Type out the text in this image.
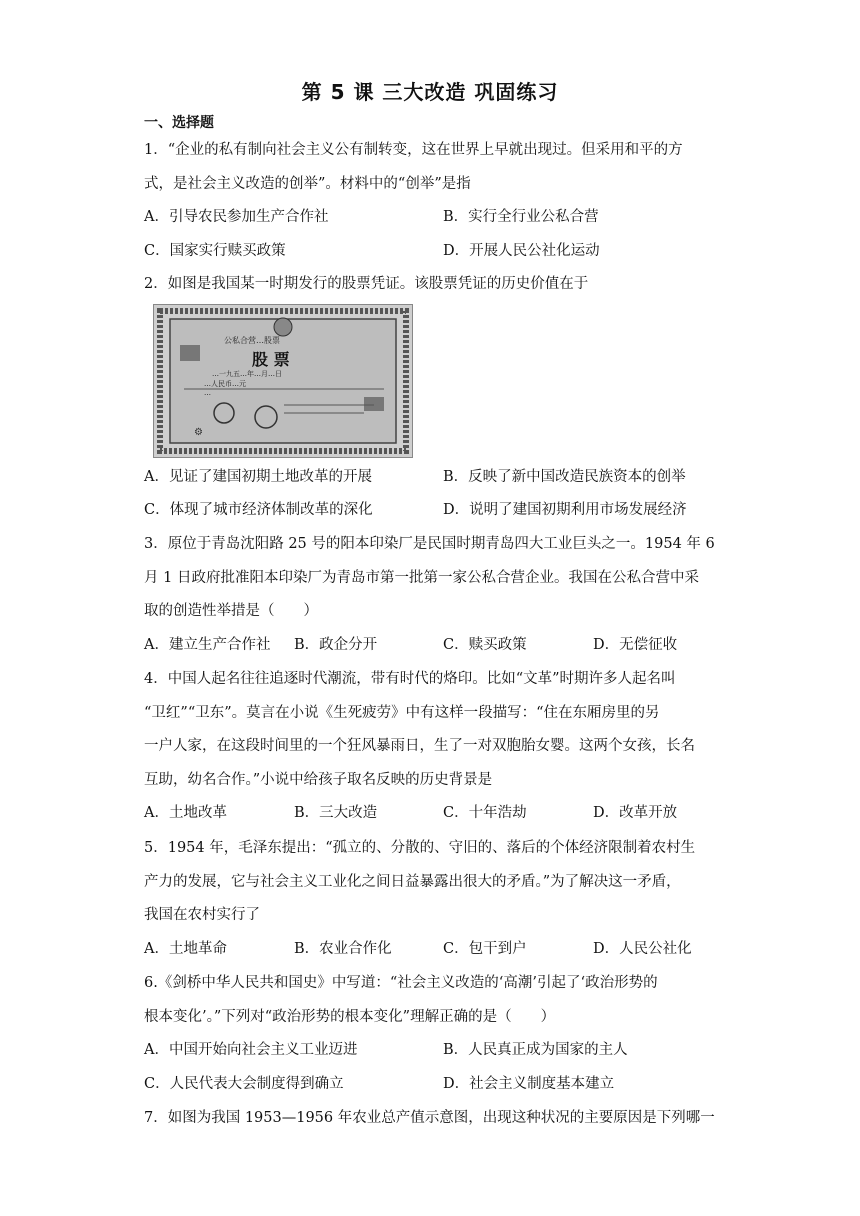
第 5 课 三大改造 巩固练习
一、选择题
1．“企业的私有制向社会主义公有制转变，这在世界上早就出现过。但采用和平的方
式，是社会主义改造的创举”。材料中的“创举”是指
A．引导农民参加生产合作社	B．实行全行业公私合营
C．国家实行赎买政策	D．开展人民公社化运动
2．如图是我国某一时期发行的股票凭证。该股票凭证的历史价值在于
⚙
公私合营…股票
股 票
…一九五…年…月…日
…人民币…元
…
A．见证了建国初期土地改革的开展	B．反映了新中国改造民族资本的创举
C．体现了城市经济体制改革的深化	D．说明了建国初期利用市场发展经济
3．原位于青岛沈阳路 25 号的阳本印染厂是民国时期青岛四大工业巨头之一。1954 年 6
月 1 日政府批准阳本印染厂为青岛市第一批第一家公私合营企业。我国在公私合营中采
取的创造性举措是（　　）
A．建立生产合作社 B．政企分开	C．赎买政策	D．无偿征收
4．中国人起名往往追逐时代潮流，带有时代的烙印。比如“文革”时期许多人起名叫
“卫红”“卫东”。莫言在小说《生死疲劳》中有这样一段描写：“住在东厢房里的另
一户人家，在这段时间里的一个狂风暴雨日，生了一对双胞胎女婴。这两个女孩，长名
互助，幼名合作。”小说中给孩子取名反映的历史背景是
A．土地改革	B．三大改造	C．十年浩劫	D．改革开放
5．1954 年，毛泽东提出：“孤立的、分散的、守旧的、落后的个体经济限制着农村生
产力的发展，它与社会主义工业化之间日益暴露出很大的矛盾。”为了解决这一矛盾，
我国在农村实行了
A．土地革命	B．农业合作化	C．包干到户	D．人民公社化
6.《剑桥中华人民共和国史》中写道：“社会主义改造的‘高潮’引起了‘政治形势的
根本变化’。”下列对“政治形势的根本变化”理解正确的是（　　）
A．中国开始向社会主义工业迈进	B．人民真正成为国家的主人
C．人民代表大会制度得到确立	D．社会主义制度基本建立
7．如图为我国 1953—1956 年农业总产值示意图，出现这种状况的主要原因是下列哪一
